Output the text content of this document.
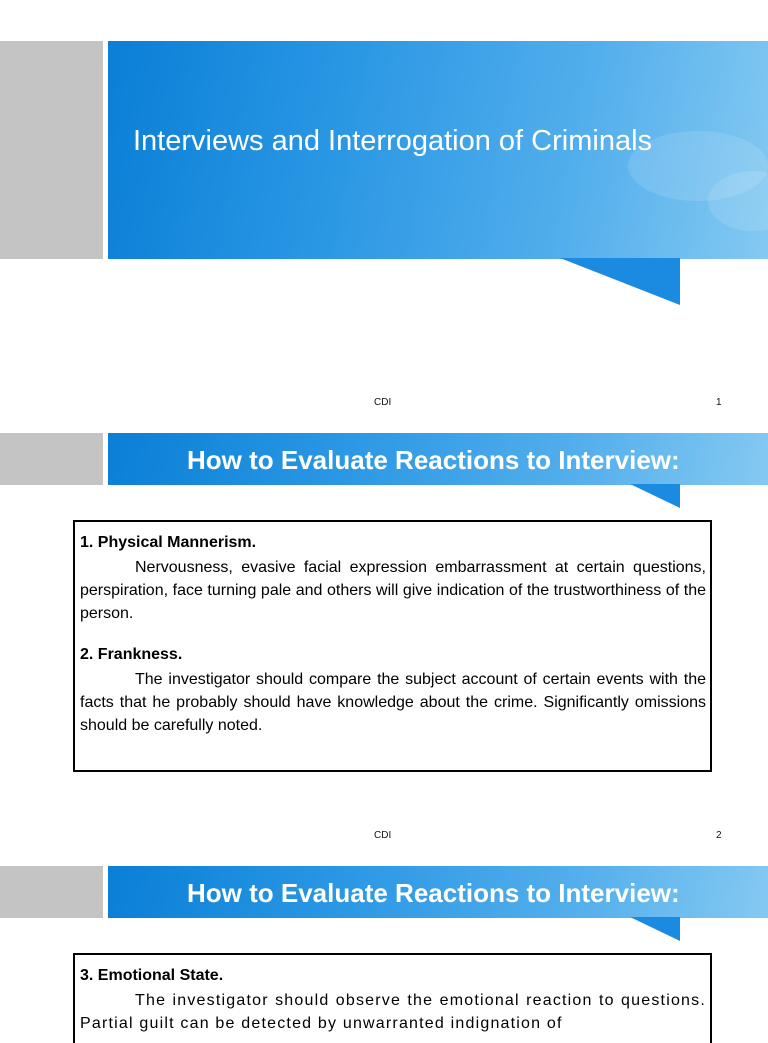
Interviews and Interrogation of Criminals
CDI	1
How to Evaluate Reactions to Interview:

1. Physical Mannerism.

Nervousness, evasive facial expression embarrassment at certain questions, perspiration, face turning pale and others will give indication of the trustworthiness of the person.

2. Frankness.

The investigator should compare the subject account of certain events with the facts that he probably should have knowledge about the crime. Significantly omissions should be carefully noted.

CDI	2
How to Evaluate Reactions to Interview:

3. Emotional State.

The investigator should observe the emotional reaction to questions. Partial guilt can be detected by unwarranted indignation of
